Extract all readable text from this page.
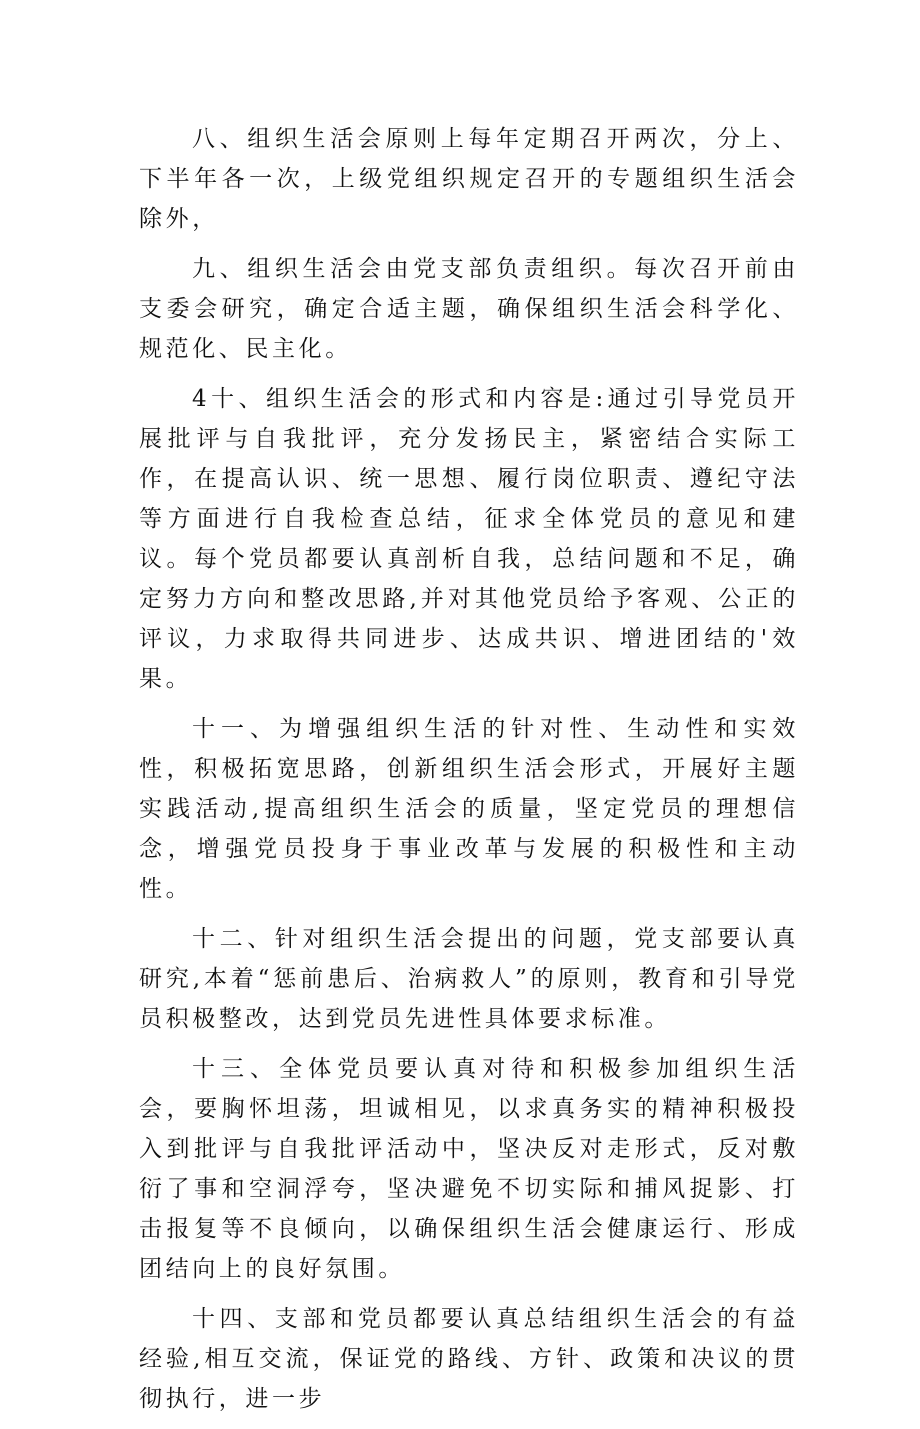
八、组织生活会原则上每年定期召开两次，分上、下半年各一次，上级党组织规定召开的专题组织生活会除外，

九、组织生活会由党支部负责组织。每次召开前由支委会研究，确定合适主题，确保组织生活会科学化、规范化、民主化。

4十、组织生活会的形式和内容是:通过引导党员开展批评与自我批评，充分发扬民主，紧密结合实际工作，在提高认识、统一思想、履行岗位职责、遵纪守法等方面进行自我检查总结，征求全体党员的意见和建议。每个党员都要认真剖析自我，总结问题和不足，确定努力方向和整改思路,并对其他党员给予客观、公正的评议，力求取得共同进步、达成共识、增进团结的'效果。

十一、为增强组织生活的针对性、生动性和实效性，积极拓宽思路，创新组织生活会形式，开展好主题实践活动,提高组织生活会的质量，坚定党员的理想信念，增强党员投身于事业改革与发展的积极性和主动性。

十二、针对组织生活会提出的问题，党支部要认真研究,本着“惩前患后、治病救人”的原则，教育和引导党员积极整改，达到党员先进性具体要求标准。

十三、全体党员要认真对待和积极参加组织生活会，要胸怀坦荡，坦诚相见，以求真务实的精神积极投入到批评与自我批评活动中，坚决反对走形式，反对敷衍了事和空洞浮夸，坚决避免不切实际和捕风捉影、打击报复等不良倾向，以确保组织生活会健康运行、形成团结向上的良好氛围。

十四、支部和党员都要认真总结组织生活会的有益经验,相互交流，保证党的路线、方针、政策和决议的贯彻执行，进一步
